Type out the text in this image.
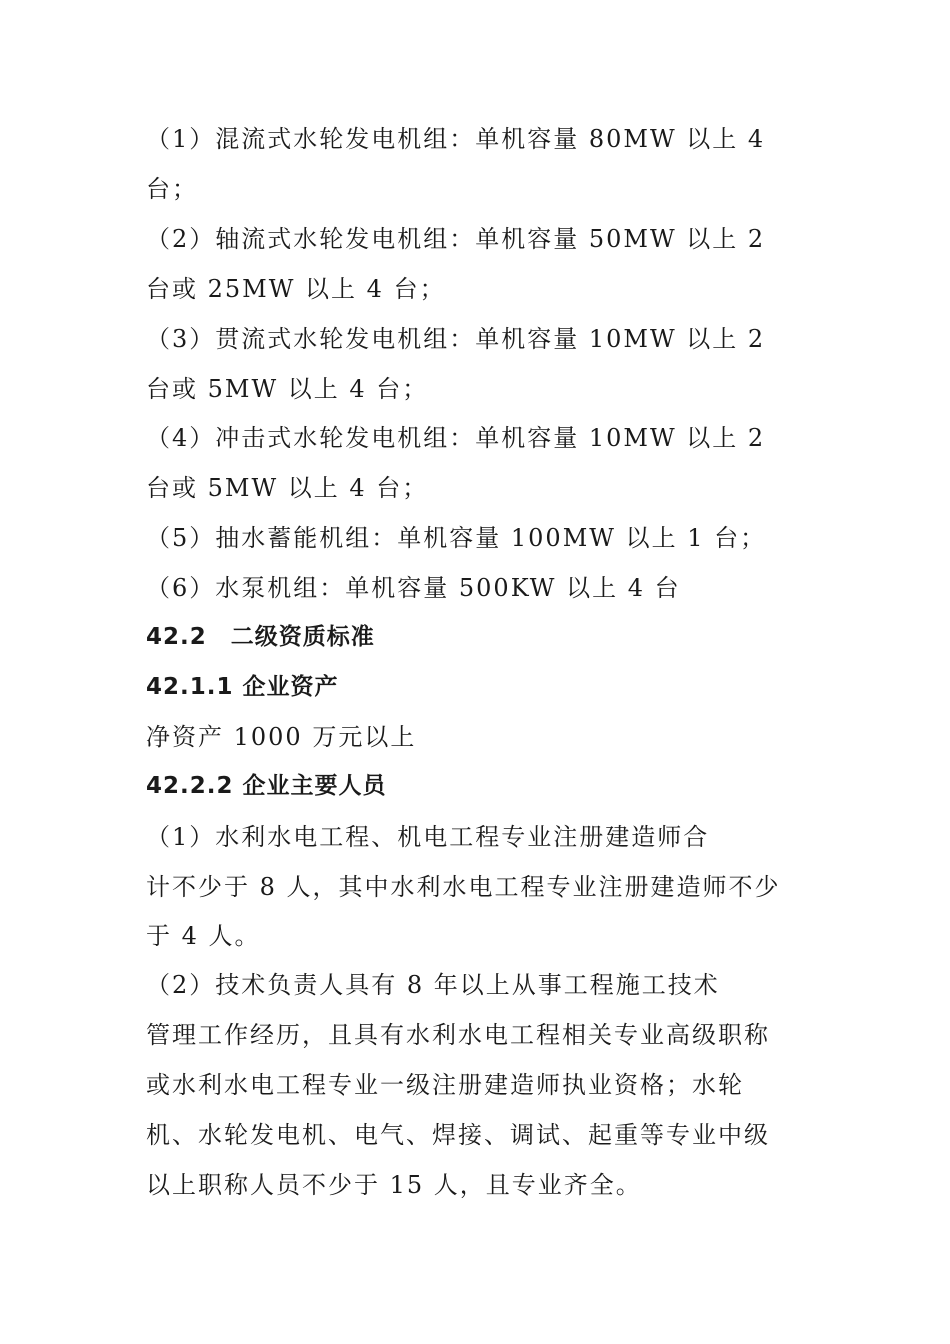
（1）混流式水轮发电机组：单机容量 80MW 以上 4

台；

（2）轴流式水轮发电机组：单机容量 50MW 以上 2

台或 25MW 以上 4 台；

（3）贯流式水轮发电机组：单机容量 10MW 以上 2

台或 5MW 以上 4 台；

（4）冲击式水轮发电机组：单机容量 10MW 以上 2

台或 5MW 以上 4 台；

（5）抽水蓄能机组：单机容量 100MW 以上 1 台；

（6）水泵机组：单机容量 500KW 以上 4 台

42.2　二级资质标准
42.1.1 企业资产

净资产 1000 万元以上

42.2.2 企业主要人员

（1）水利水电工程、机电工程专业注册建造师合

计不少于 8 人，其中水利水电工程专业注册建造师不少

于 4 人。

（2）技术负责人具有 8 年以上从事工程施工技术

管理工作经历，且具有水利水电工程相关专业高级职称

或水利水电工程专业一级注册建造师执业资格；水轮

机、水轮发电机、电气、焊接、调试、起重等专业中级

以上职称人员不少于 15 人，且专业齐全。
